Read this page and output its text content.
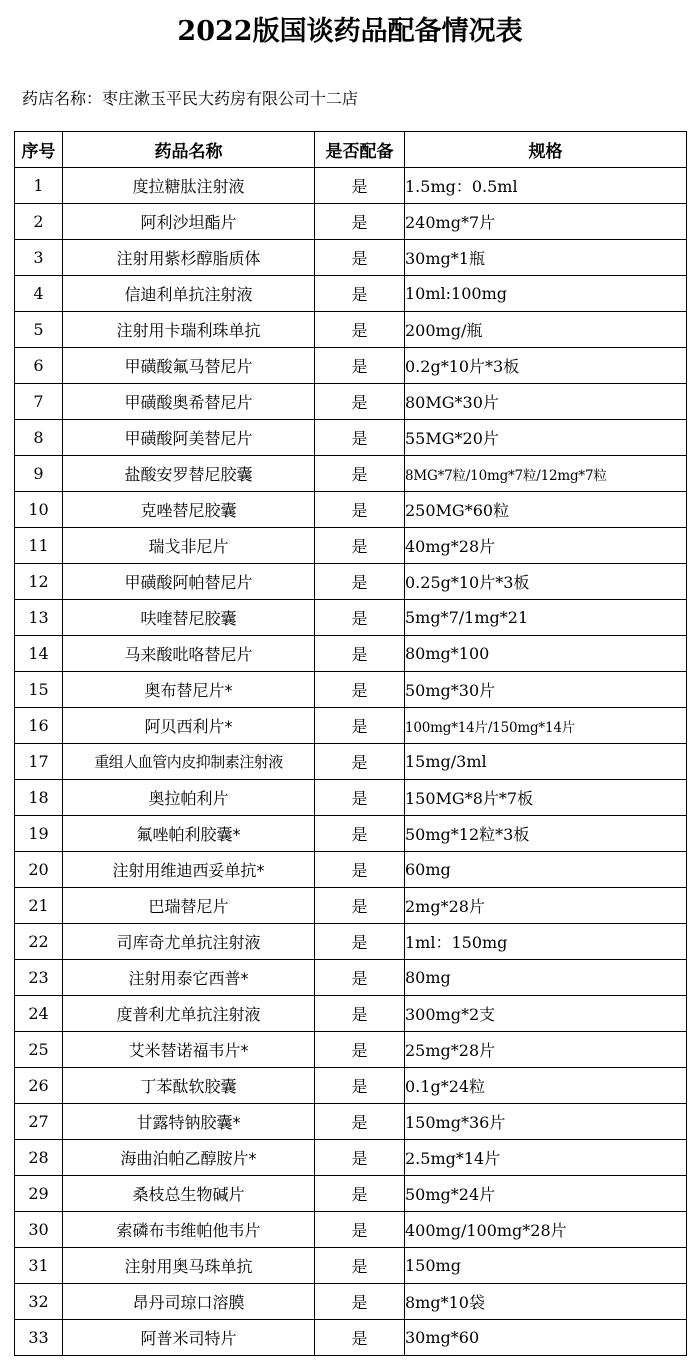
2022版国谈药品配备情况表
药店名称：枣庄漱玉平民大药房有限公司十二店
序号	药品名称	是否配备	规格
1	度拉糖肽注射液	是	1.5mg：0.5ml
2	阿利沙坦酯片	是	240mg*7片
3	注射用紫杉醇脂质体	是	30mg*1瓶
4	信迪利单抗注射液	是	10ml:100mg
5	注射用卡瑞利珠单抗	是	200mg/瓶
6	甲磺酸氟马替尼片	是	0.2g*10片*3板
7	甲磺酸奥希替尼片	是	80MG*30片
8	甲磺酸阿美替尼片	是	55MG*20片
9	盐酸安罗替尼胶囊	是	8MG*7粒/10mg*7粒/12mg*7粒
10	克唑替尼胶囊	是	250MG*60粒
11	瑞戈非尼片	是	40mg*28片
12	甲磺酸阿帕替尼片	是	0.25g*10片*3板
13	呋喹替尼胶囊	是	5mg*7/1mg*21
14	马来酸吡咯替尼片	是	80mg*100
15	奥布替尼片*	是	50mg*30片
16	阿贝西利片*	是	100mg*14片/150mg*14片
17	重组人血管内皮抑制素注射液	是	15mg/3ml
18	奥拉帕利片	是	150MG*8片*7板
19	氟唑帕利胶囊*	是	50mg*12粒*3板
20	注射用维迪西妥单抗*	是	60mg
21	巴瑞替尼片	是	2mg*28片
22	司库奇尤单抗注射液	是	1ml：150mg
23	注射用泰它西普*	是	80mg
24	度普利尤单抗注射液	是	300mg*2支
25	艾米替诺福韦片*	是	25mg*28片
26	丁苯酞软胶囊	是	0.1g*24粒
27	甘露特钠胶囊*	是	150mg*36片
28	海曲泊帕乙醇胺片*	是	2.5mg*14片
29	桑枝总生物碱片	是	50mg*24片
30	索磷布韦维帕他韦片	是	400mg/100mg*28片
31	注射用奥马珠单抗	是	150mg
32	昂丹司琼口溶膜	是	8mg*10袋
33	阿普米司特片	是	30mg*60
